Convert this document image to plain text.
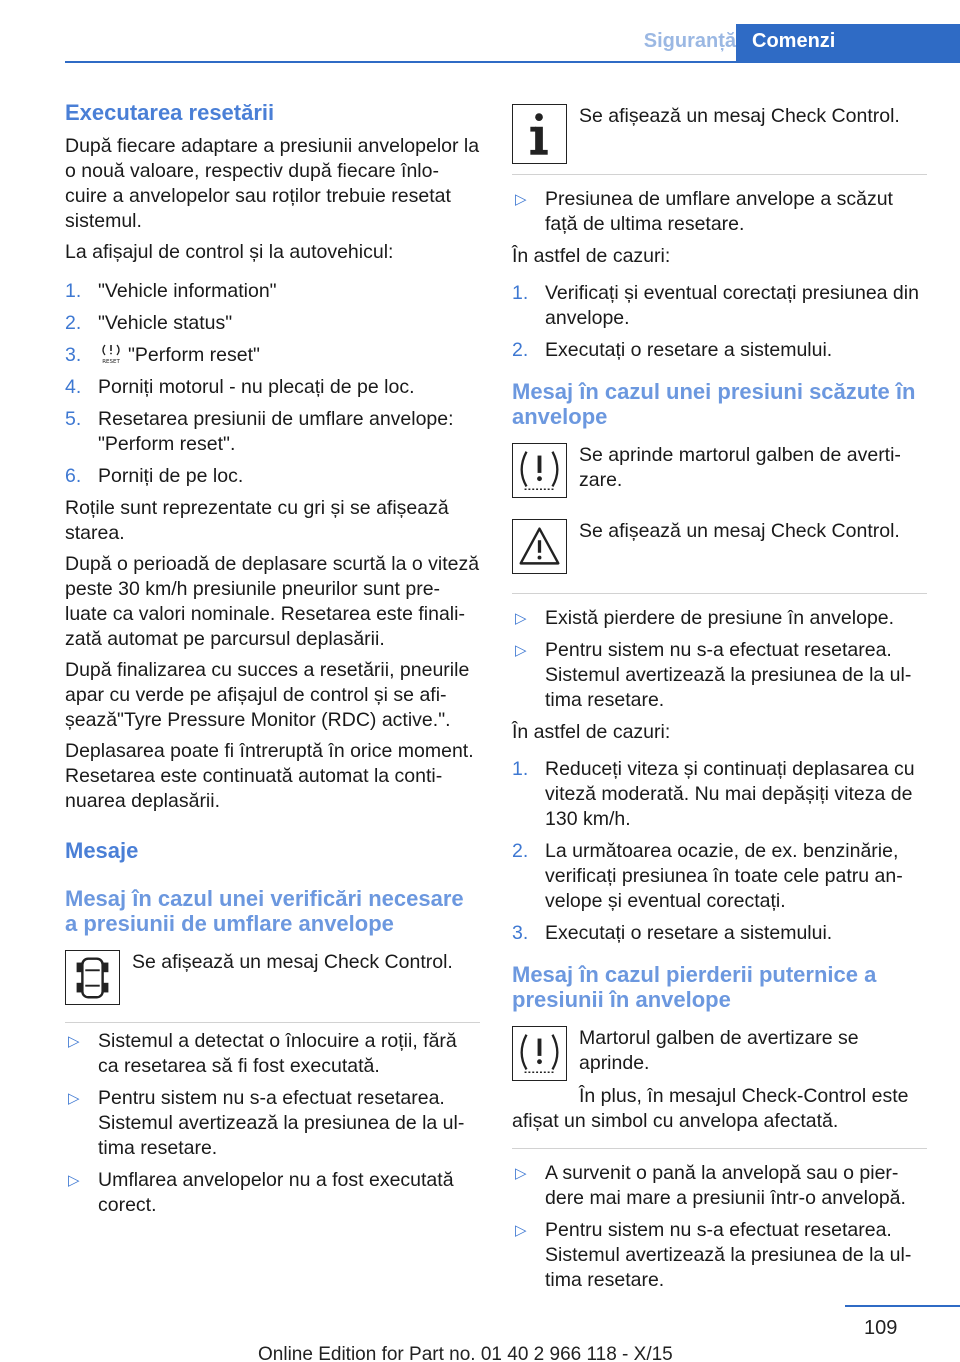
Siguranță Comenzi
Executarea resetării

După fiecare adaptare a presiunii anvelopelor la o nouă valoare, respectiv după fiecare înlo-cuire a anvelopelor sau roților trebuie resetat sistemul.

La afișajul de control și la autovehicul:

1. "Vehicle information"
2. "Vehicle status"
3.	RESET "Perform reset"
4. Porniți motorul - nu plecați de pe loc.
5. Resetarea presiunii de umflare anvelope: "Perform reset".
6. Porniți de pe loc.

Roțile sunt reprezentate cu gri și se afișează starea.

După o perioadă de deplasare scurtă la o viteză peste 30 km/h presiunile pneurilor sunt pre-luate ca valori nominale. Resetarea este finali-zată automat pe parcursul deplasării.

După finalizarea cu succes a resetării, pneurile apar cu verde pe afișajul de control și se afi-șează"Tyre Pressure Monitor (RDC) active.".

Deplasarea poate fi întreruptă în orice moment. Resetarea este continuată automat la conti-nuarea deplasării.

Mesaje
Mesaj în cazul unei verificări necesare a presiunii de umflare anvelope
Se afișează un mesaj Check Control.
▷ Sistemul a detectat o înlocuire a roții, fără ca resetarea să fi fost executată.
▷ Pentru sistem nu s-a efectuat resetarea. Sistemul avertizează la presiunea de la ul-tima resetare.
▷ Umflarea anvelopelor nu a fost executată corect.
Se afișează un mesaj Check Control.
▷ Presiunea de umflare anvelope a scăzut față de ultima resetare.

În astfel de cazuri:

1. Verificați și eventual corectați presiunea din anvelope.
2. Executați o resetare a sistemului.
Mesaj în cazul unei presiuni scăzute în anvelope
Se aprinde martorul galben de averti-zare.
Se afișează un mesaj Check Control.
▷ Există pierdere de presiune în anvelope.
▷ Pentru sistem nu s-a efectuat resetarea. Sistemul avertizează la presiunea de la ul-tima resetare.

În astfel de cazuri:

1. Reduceți viteza și continuați deplasarea cu viteză moderată. Nu mai depășiți viteza de 130 km/h.
2. La următoarea ocazie, de ex. benzinărie, verificați presiunea în toate cele patru an-velope și eventual corectați.
3. Executați o resetare a sistemului.
Mesaj în cazul pierderii puternice a presiunii în anvelope
Martorul galben de avertizare se aprinde.

În plus, în mesajul Check-Control este afișat un simbol cu anvelopa afectată.

▷ A survenit o pană la anvelopă sau o pier-dere mai mare a presiunii într-o anvelopă.
▷ Pentru sistem nu s-a efectuat resetarea. Sistemul avertizează la presiunea de la ul-tima resetare.
109
Online Edition for Part no. 01 40 2 966 118 - X/15
